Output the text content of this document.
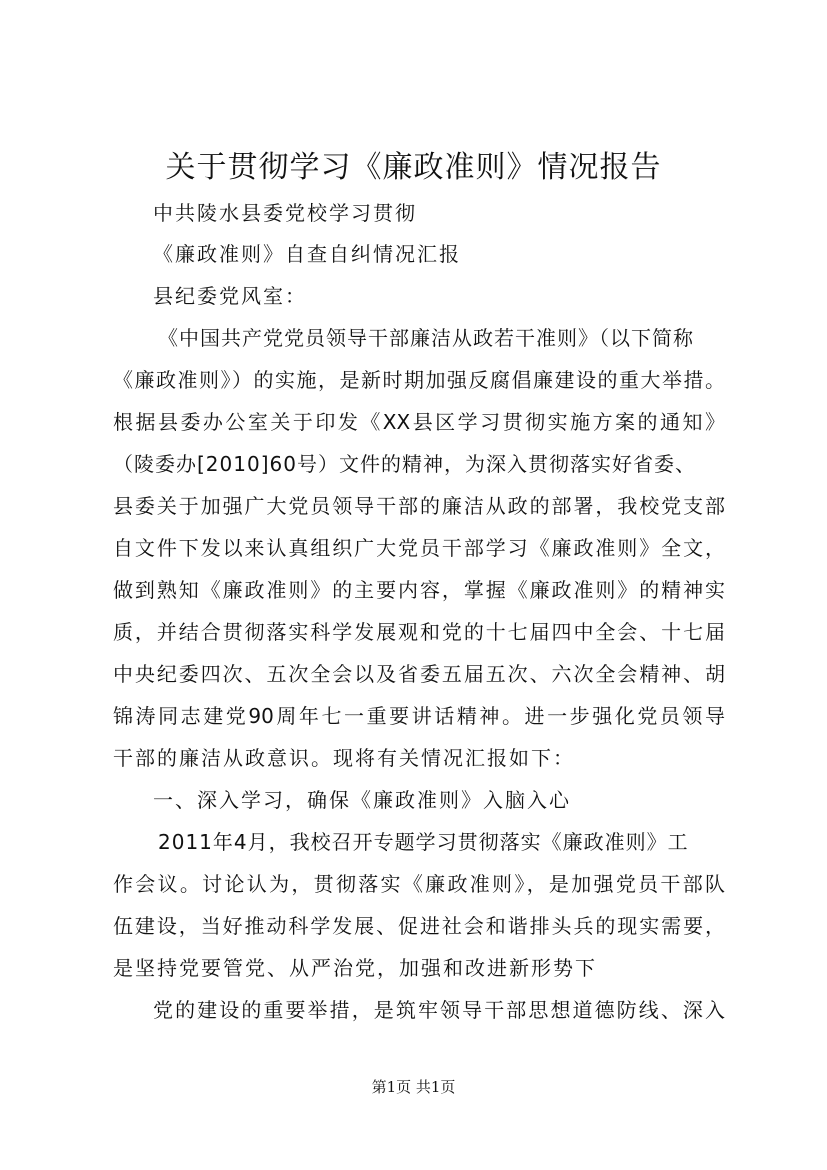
关于贯彻学习《廉政准则》情况报告
中共陵水县委党校学习贯彻
《廉政准则》自查自纠情况汇报
县纪委党风室：
《中国共产党党员领导干部廉洁从政若干准则》（以下简称
《廉政准则》）的实施，是新时期加强反腐倡廉建设的重大举措。
根据县委办公室关于印发《XX县区学习贯彻实施方案的通知》
（陵委办[2010]60号）文件的精神，为深入贯彻落实好省委、
县委关于加强广大党员领导干部的廉洁从政的部署，我校党支部
自文件下发以来认真组织广大党员干部学习《廉政准则》全文，
做到熟知《廉政准则》的主要内容，掌握《廉政准则》的精神实
质，并结合贯彻落实科学发展观和党的十七届四中全会、十七届
中央纪委四次、五次全会以及省委五届五次、六次全会精神、胡
锦涛同志建党90周年七一重要讲话精神。进一步强化党员领导
干部的廉洁从政意识。现将有关情况汇报如下：
一、深入学习，确保《廉政准则》入脑入心
2011年4月，我校召开专题学习贯彻落实《廉政准则》工
作会议。讨论认为，贯彻落实《廉政准则》，是加强党员干部队
伍建设，当好推动科学发展、促进社会和谐排头兵的现实需要，
是坚持党要管党、从严治党，加强和改进新形势下
党的建设的重要举措，是筑牢领导干部思想道德防线、深入
第1页 共1页
